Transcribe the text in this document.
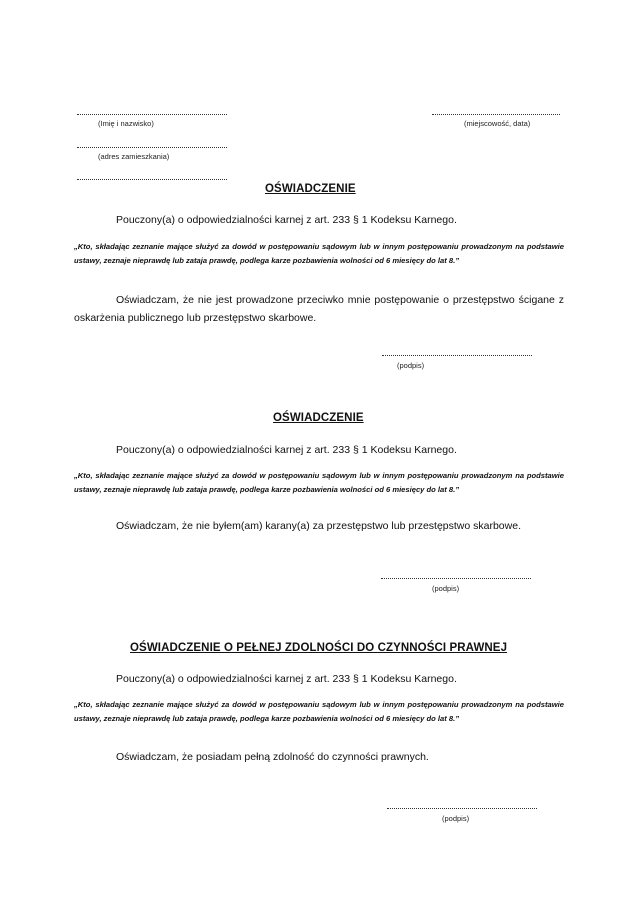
(Imię i nazwisko)	(miejscowość, data)
(adres zamieszkania)
OŚWIADCZENIE
Pouczony(a) o odpowiedzialności karnej z art. 233 § 1 Kodeksu Karnego.
„Kto, składając zeznanie mające służyć za dowód w postępowaniu sądowym lub w innym postępowaniu prowadzonym na podstawie ustawy, zeznaje nieprawdę lub zataja prawdę, podlega karze pozbawienia wolności od 6 miesięcy do lat 8.”
Oświadczam, że nie jest prowadzone przeciwko mnie postępowanie o przestępstwo ścigane z oskarżenia publicznego lub przestępstwo skarbowe.
(podpis)
OŚWIADCZENIE
Pouczony(a) o odpowiedzialności karnej z art. 233 § 1 Kodeksu Karnego.
„Kto, składając zeznanie mające służyć za dowód w postępowaniu sądowym lub w innym postępowaniu prowadzonym na podstawie ustawy, zeznaje nieprawdę lub zataja prawdę, podlega karze pozbawienia wolności od 6 miesięcy do lat 8.”
Oświadczam, że nie byłem(am) karany(a) za przestępstwo lub przestępstwo skarbowe.
(podpis)
OŚWIADCZENIE O PEŁNEJ ZDOLNOŚCI DO CZYNNOŚCI PRAWNEJ
Pouczony(a) o odpowiedzialności karnej z art. 233 § 1 Kodeksu Karnego.
„Kto, składając zeznanie mające służyć za dowód w postępowaniu sądowym lub w innym postępowaniu prowadzonym na podstawie ustawy, zeznaje nieprawdę lub zataja prawdę, podlega karze pozbawienia wolności od 6 miesięcy do lat 8.”
Oświadczam, że posiadam pełną zdolność do czynności prawnych.
(podpis)
